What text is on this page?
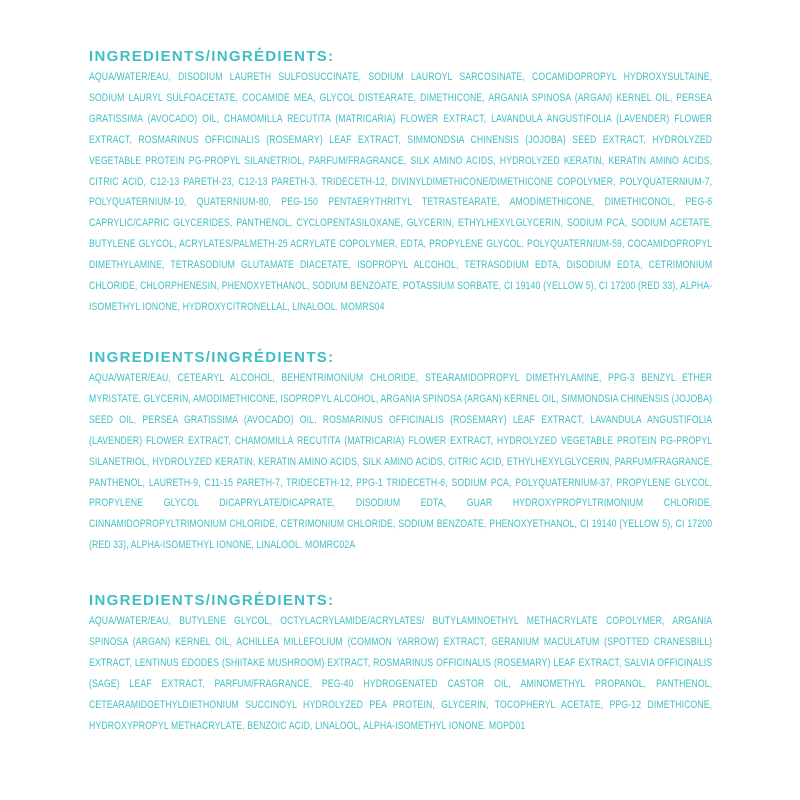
INGREDIENTS/INGRÉDIENTS:

AQUA/WATER/EAU, DISODIUM LAURETH SULFOSUCCINATE, SODIUM LAUROYL SARCOSINATE, COCAMIDOPROPYL HYDROXYSULTAINE, SODIUM LAURYL SULFOACETATE, COCAMIDE MEA, GLYCOL DISTEARATE, DIMETHICONE, ARGANIA SPINOSA (ARGAN) KERNEL OIL, PERSEA GRATISSIMA (AVOCADO) OIL, CHAMOMILLA RECUTITA (MATRICARIA) FLOWER EXTRACT, LAVANDULA ANGUSTIFOLIA (LAVENDER) FLOWER EXTRACT, ROSMARINUS OFFICINALIS (ROSEMARY) LEAF EXTRACT, SIMMONDSIA CHINENSIS (JOJOBA) SEED EXTRACT, HYDROLYZED VEGETABLE PROTEIN PG-PROPYL SILANETRIOL, PARFUM/FRAGRANCE, SILK AMINO ACIDS, HYDROLYZED KERATIN, KERATIN AMINO ACIDS, CITRIC ACID, C12-13 PARETH-23, C12-13 PARETH-3, TRIDECETH-12, DIVINYLDIMETHICONE/DIMETHICONE COPOLYMER, POLYQUATERNIUM-7, POLYQUATERNIUM-10, QUATERNIUM-80, PEG-150 PENTAERYTHRITYL TETRASTEARATE, AMODIMETHICONE, DIMETHICONOL, PEG-6 CAPRYLIC/CAPRIC GLYCERIDES, PANTHENOL, CYCLOPENTASILOXANE, GLYCERIN, ETHYLHEXYLGLYCERIN, SODIUM PCA, SODIUM ACETATE, BUTYLENE GLYCOL, ACRYLATES/PALMETH-25 ACRYLATE COPOLYMER, EDTA, PROPYLENE GLYCOL, POLYQUATERNIUM-59, COCAMIDOPROPYL DIMETHYLAMINE, TETRASODIUM GLUTAMATE DIACETATE, ISOPROPYL ALCOHOL, TETRASODIUM EDTA, DISODIUM EDTA, CETRIMONIUM CHLORIDE, CHLORPHENESIN, PHENOXYETHANOL, SODIUM BENZOATE, POTASSIUM SORBATE, CI 19140 (YELLOW 5), CI 17200 (RED 33), ALPHA-ISOMETHYL IONONE, HYDROXYCITRONELLAL, LINALOOL. MOMRS04

INGREDIENTS/INGRÉDIENTS:

AQUA/WATER/EAU, CETEARYL ALCOHOL, BEHENTRIMONIUM CHLORIDE, STEARAMIDOPROPYL DIMETHYLAMINE, PPG-3 BENZYL ETHER MYRISTATE, GLYCERIN, AMODIMETHICONE, ISOPROPYL ALCOHOL, ARGANIA SPINOSA (ARGAN) KERNEL OIL, SIMMONDSIA CHINENSIS (JOJOBA) SEED OIL, PERSEA GRATISSIMA (AVOCADO) OIL, ROSMARINUS OFFICINALIS (ROSEMARY) LEAF EXTRACT, LAVANDULA ANGUSTIFOLIA (LAVENDER) FLOWER EXTRACT, CHAMOMILLA RECUTITA (MATRICARIA) FLOWER EXTRACT, HYDROLYZED VEGETABLE PROTEIN PG-PROPYL SILANETRIOL, HYDROLYZED KERATIN, KERATIN AMINO ACIDS, SILK AMINO ACIDS, CITRIC ACID, ETHYLHEXYLGLYCERIN, PARFUM/FRAGRANCE, PANTHENOL, LAURETH-9, C11-15 PARETH-7, TRIDECETH-12, PPG-1 TRIDECETH-6, SODIUM PCA, POLYQUATERNIUM-37, PROPYLENE GLYCOL, PROPYLENE GLYCOL DICAPRYLATE/DICAPRATE, DISODIUM EDTA, GUAR HYDROXYPROPYLTRIMONIUM CHLORIDE, CINNAMIDOPROPYLTRIMONIUM CHLORIDE, CETRIMONIUM CHLORIDE, SODIUM BENZOATE, PHENOXYETHANOL, CI 19140 (YELLOW 5), CI 17200 (RED 33), ALPHA-ISOMETHYL IONONE, LINALOOL. MOMRC02A

INGREDIENTS/INGRÉDIENTS:

AQUA/WATER/EAU, BUTYLENE GLYCOL, OCTYLACRYLAMIDE/ACRYLATES/ BUTYLAMINOETHYL METHACRYLATE COPOLYMER, ARGANIA SPINOSA (ARGAN) KERNEL OIL, ACHILLEA MILLEFOLIUM (COMMON YARROW) EXTRACT, GERANIUM MACULATUM (SPOTTED CRANESBILL) EXTRACT, LENTINUS EDODES (SHIITAKE MUSHROOM) EXTRACT, ROSMARINUS OFFICINALIS (ROSEMARY) LEAF EXTRACT, SALVIA OFFICINALIS (SAGE) LEAF EXTRACT, PARFUM/FRAGRANCE, PEG-40 HYDROGENATED CASTOR OIL, AMINOMETHYL PROPANOL, PANTHENOL, CETEARAMIDOETHYLDIETHONIUM SUCCINOYL HYDROLYZED PEA PROTEIN, GLYCERIN, TOCOPHERYL ACETATE, PPG-12 DIMETHICONE, HYDROXYPROPYL METHACRYLATE, BENZOIC ACID, LINALOOL, ALPHA-ISOMETHYL IONONE. MOPD01
